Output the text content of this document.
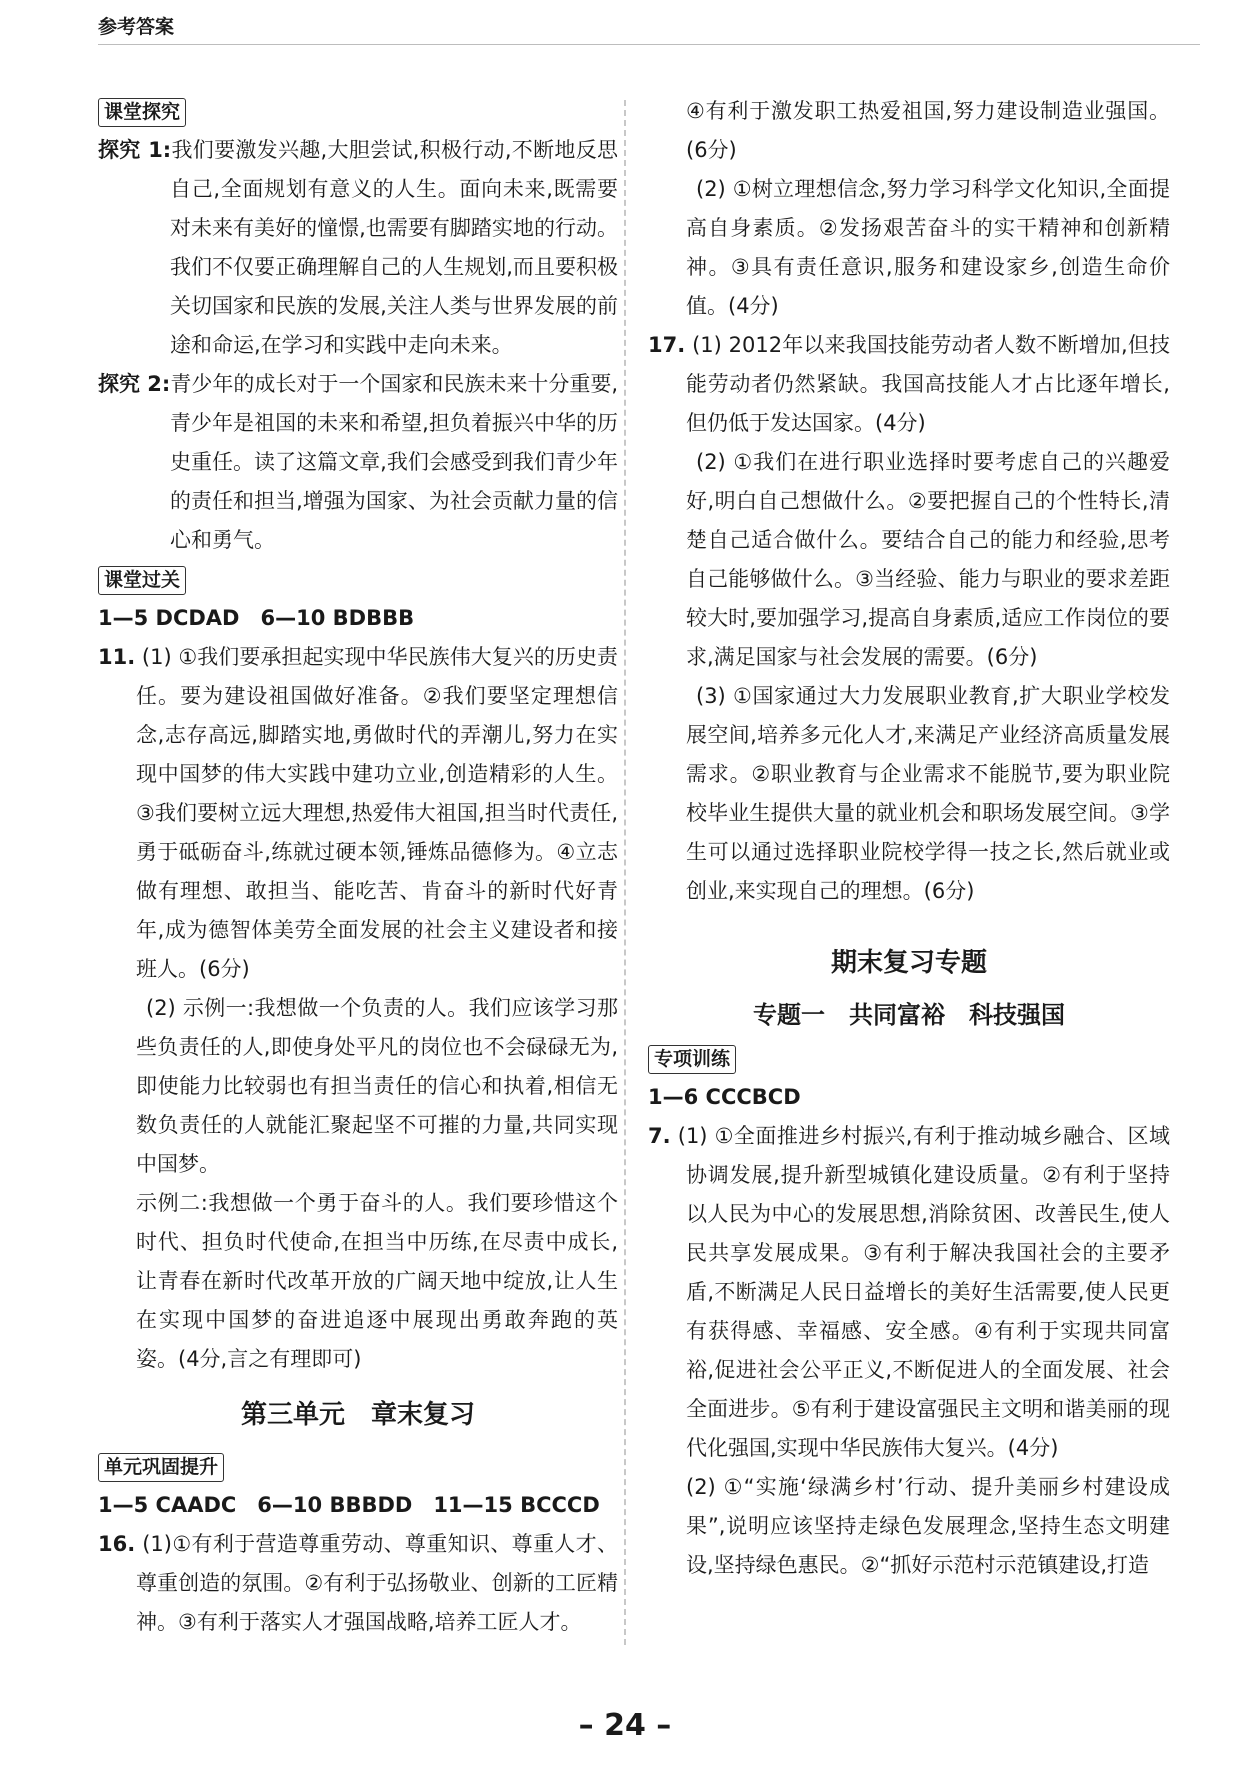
参考答案
课堂探究

探究 1:我们要激发兴趣,大胆尝试,积极行动,不断地反思自己,全面规划有意义的人生。面向未来,既需要对未来有美好的憧憬,也需要有脚踏实地的行动。我们不仅要正确理解自己的人生规划,而且要积极关切国家和民族的发展,关注人类与世界发展的前途和命运,在学习和实践中走向未来。

探究 2:青少年的成长对于一个国家和民族未来十分重要,青少年是祖国的未来和希望,担负着振兴中华的历史重任。读了这篇文章,我们会感受到我们青少年的责任和担当,增强为国家、为社会贡献力量的信心和勇气。

课堂过关

1—5 DCDAD　6—10 BDBBB

11. (1) ①我们要承担起实现中华民族伟大复兴的历史责任。要为建设祖国做好准备。②我们要坚定理想信念,志存高远,脚踏实地,勇做时代的弄潮儿,努力在实现中国梦的伟大实践中建功立业,创造精彩的人生。③我们要树立远大理想,热爱伟大祖国,担当时代责任,勇于砥砺奋斗,练就过硬本领,锤炼品德修为。④立志做有理想、敢担当、能吃苦、肯奋斗的新时代好青年,成为德智体美劳全面发展的社会主义建设者和接班人。(6分)

(2) 示例一:我想做一个负责的人。我们应该学习那些负责任的人,即使身处平凡的岗位也不会碌碌无为,即使能力比较弱也有担当责任的信心和执着,相信无数负责任的人就能汇聚起坚不可摧的力量,共同实现中国梦。

示例二:我想做一个勇于奋斗的人。我们要珍惜这个时代、担负时代使命,在担当中历练,在尽责中成长,让青春在新时代改革开放的广阔天地中绽放,让人生在实现中国梦的奋进追逐中展现出勇敢奔跑的英姿。(4分,言之有理即可)

第三单元　章末复习
单元巩固提升

1—5 CAADC　6—10 BBBDD　11—15 BCCCD

16. (1)①有利于营造尊重劳动、尊重知识、尊重人才、尊重创造的氛围。②有利于弘扬敬业、创新的工匠精神。③有利于落实人才强国战略,培养工匠人才。

④有利于激发职工热爱祖国,努力建设制造业强国。(6分)

(2) ①树立理想信念,努力学习科学文化知识,全面提高自身素质。②发扬艰苦奋斗的实干精神和创新精神。③具有责任意识,服务和建设家乡,创造生命价值。(4分)

17. (1) 2012年以来我国技能劳动者人数不断增加,但技能劳动者仍然紧缺。我国高技能人才占比逐年增长,但仍低于发达国家。(4分)

(2) ①我们在进行职业选择时要考虑自己的兴趣爱好,明白自己想做什么。②要把握自己的个性特长,清楚自己适合做什么。要结合自己的能力和经验,思考自己能够做什么。③当经验、能力与职业的要求差距较大时,要加强学习,提高自身素质,适应工作岗位的要求,满足国家与社会发展的需要。(6分)

(3) ①国家通过大力发展职业教育,扩大职业学校发展空间,培养多元化人才,来满足产业经济高质量发展需求。②职业教育与企业需求不能脱节,要为职业院校毕业生提供大量的就业机会和职场发展空间。③学生可以通过选择职业院校学得一技之长,然后就业或创业,来实现自己的理想。(6分)

期末复习专题
专题一　共同富裕　科技强国
专项训练

1—6 CCCBCD

7. (1) ①全面推进乡村振兴,有利于推动城乡融合、区域协调发展,提升新型城镇化建设质量。②有利于坚持以人民为中心的发展思想,消除贫困、改善民生,使人民共享发展成果。③有利于解决我国社会的主要矛盾,不断满足人民日益增长的美好生活需要,使人民更有获得感、幸福感、安全感。④有利于实现共同富裕,促进社会公平正义,不断促进人的全面发展、社会全面进步。⑤有利于建设富强民主文明和谐美丽的现代化强国,实现中华民族伟大复兴。(4分)

(2) ①“实施‘绿满乡村’行动、提升美丽乡村建设成果”,说明应该坚持走绿色发展理念,坚持生态文明建设,坚持绿色惠民。②“抓好示范村示范镇建设,打造

– 24 –
